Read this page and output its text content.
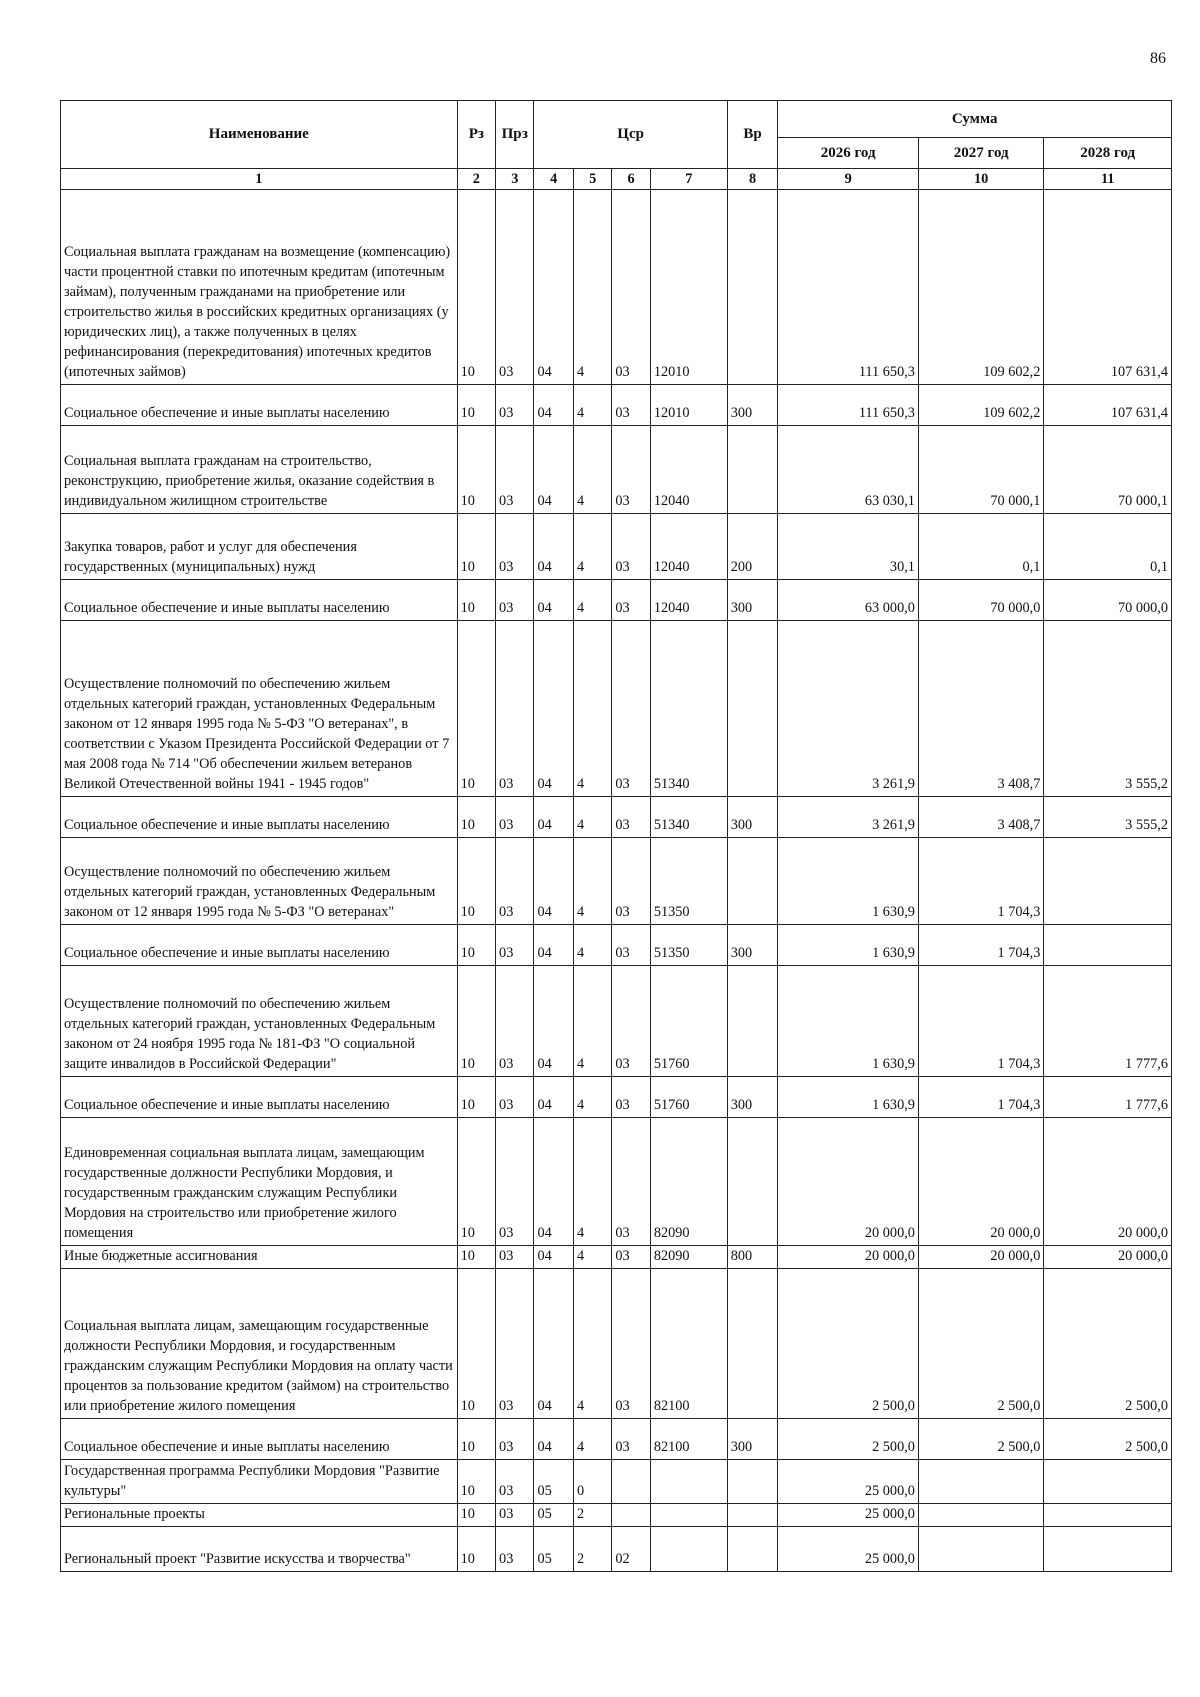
86
Наименование	Рз	Прз	Цср				Вр	Сумма		
								2026 год	2027 год	2028 год
1	2	3	4	5	6	7	8	9	10	11
Социальная выплата гражданам на возмещение (компенсацию) части процентной ставки по ипотечным кредитам (ипотечным займам), полученным гражданами на приобретение или строительство жилья в российских кредитных организациях (у юридических лиц), а также полученных в целях рефинансирования (перекредитования) ипотечных кредитов (ипотечных займов)	10	03	04	4	03	12010		111 650,3	109 602,2	107 631,4
Социальное обеспечение и иные выплаты населению	10	03	04	4	03	12010	300	111 650,3	109 602,2	107 631,4
Социальная выплата гражданам на строительство, реконструкцию, приобретение жилья, оказание содействия в индивидуальном жилищном строительстве	10	03	04	4	03	12040		63 030,1	70 000,1	70 000,1
Закупка товаров, работ и услуг для обеспечения государственных (муниципальных) нужд	10	03	04	4	03	12040	200	30,1	0,1	0,1
Социальное обеспечение и иные выплаты населению	10	03	04	4	03	12040	300	63 000,0	70 000,0	70 000,0
Осуществление полномочий по обеспечению жильем отдельных категорий граждан, установленных Федеральным законом от 12 января 1995 года № 5-ФЗ "О ветеранах", в соответствии с Указом Президента Российской Федерации от 7 мая 2008 года № 714 "Об обеспечении жильем ветеранов Великой Отечественной войны 1941 - 1945 годов"	10	03	04	4	03	51340		3 261,9	3 408,7	3 555,2
Социальное обеспечение и иные выплаты населению	10	03	04	4	03	51340	300	3 261,9	3 408,7	3 555,2
Осуществление полномочий по обеспечению жильем отдельных категорий граждан, установленных Федеральным законом от 12 января 1995 года № 5-ФЗ "О ветеранах"	10	03	04	4	03	51350		1 630,9	1 704,3	
Социальное обеспечение и иные выплаты населению	10	03	04	4	03	51350	300	1 630,9	1 704,3	
Осуществление полномочий по обеспечению жильем отдельных категорий граждан, установленных Федеральным законом от 24 ноября 1995 года № 181-ФЗ "О социальной защите инвалидов в Российской Федерации"	10	03	04	4	03	51760		1 630,9	1 704,3	1 777,6
Социальное обеспечение и иные выплаты населению	10	03	04	4	03	51760	300	1 630,9	1 704,3	1 777,6
Единовременная социальная выплата лицам, замещающим государственные должности Республики Мордовия, и государственным гражданским служащим Республики Мордовия на строительство или приобретение жилого помещения	10	03	04	4	03	82090		20 000,0	20 000,0	20 000,0
Иные бюджетные ассигнования	10	03	04	4	03	82090	800	20 000,0	20 000,0	20 000,0
Социальная выплата лицам, замещающим государственные должности Республики Мордовия, и государственным гражданским служащим Республики Мордовия на оплату части процентов за пользование кредитом (займом) на строительство или приобретение жилого помещения	10	03	04	4	03	82100		2 500,0	2 500,0	2 500,0
Социальное обеспечение и иные выплаты населению	10	03	04	4	03	82100	300	2 500,0	2 500,0	2 500,0
Государственная программа Республики Мордовия "Развитие культуры"	10	03	05	0				25 000,0		
Региональные проекты	10	03	05	2				25 000,0		
Региональный проект "Развитие искусства и творчества"	10	03	05	2	02			25 000,0		
